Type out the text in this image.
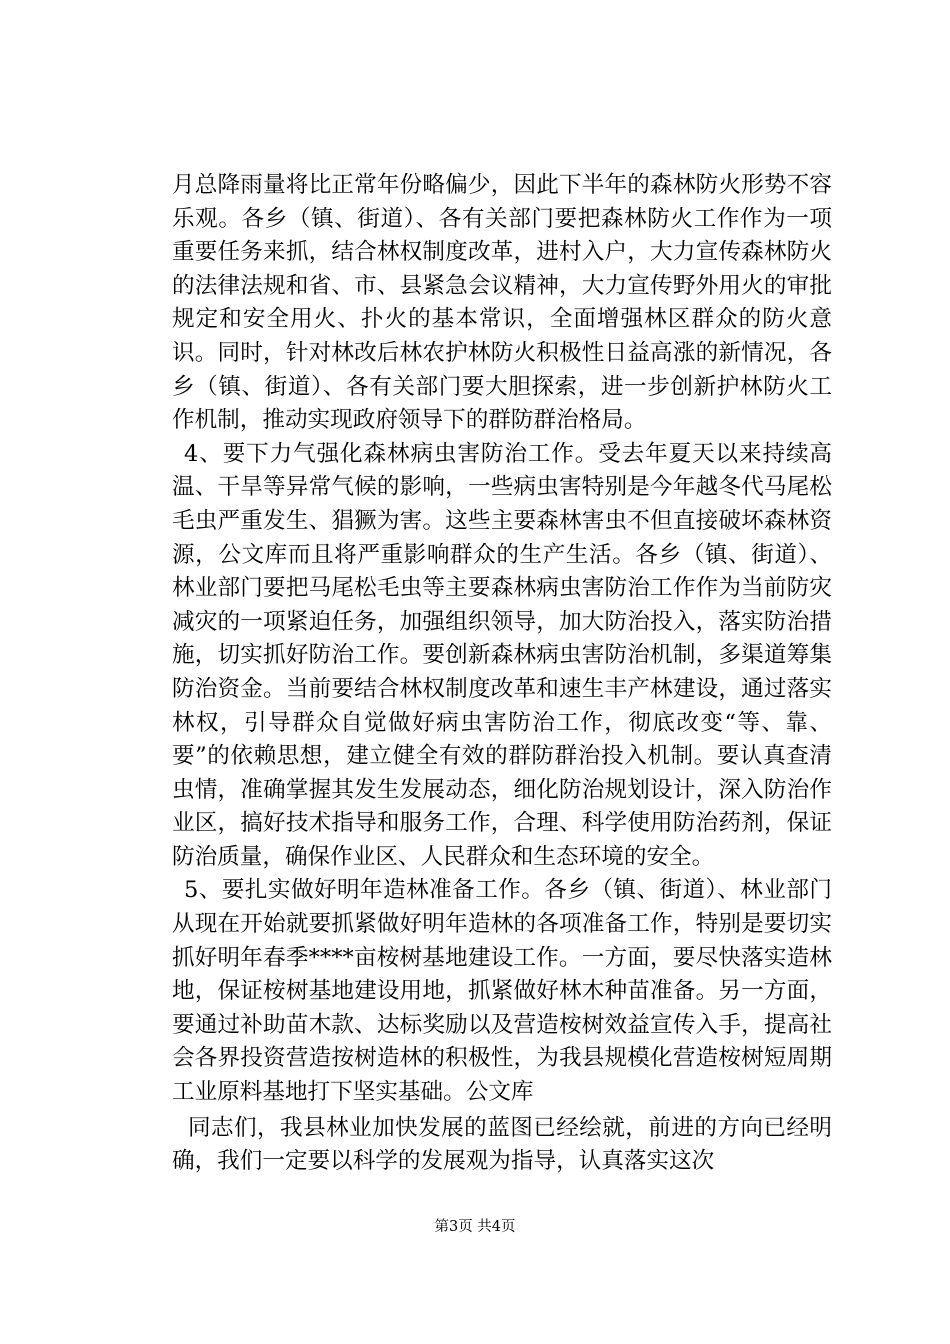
月总降雨量将比正常年份略偏少，因此下半年的森林防火形势不容乐观。各乡（镇、街道）、各有关部门要把森林防火工作作为一项重要任务来抓，结合林权制度改革，进村入户，大力宣传森林防火的法律法规和省、市、县紧急会议精神，大力宣传野外用火的审批规定和安全用火、扑火的基本常识，全面增强林区群众的防火意识。同时，针对林改后林农护林防火积极性日益高涨的新情况，各乡（镇、街道）、各有关部门要大胆探索，进一步创新护林防火工作机制，推动实现政府领导下的群防群治格局。

4、要下力气强化森林病虫害防治工作。受去年夏天以来持续高温、干旱等异常气候的影响，一些病虫害特别是今年越冬代马尾松毛虫严重发生、猖獗为害。这些主要森林害虫不但直接破坏森林资源，公文库而且将严重影响群众的生产生活。各乡（镇、街道）、林业部门要把马尾松毛虫等主要森林病虫害防治工作作为当前防灾减灾的一项紧迫任务，加强组织领导，加大防治投入，落实防治措施，切实抓好防治工作。要创新森林病虫害防治机制，多渠道筹集防治资金。当前要结合林权制度改革和速生丰产林建设，通过落实林权，引导群众自觉做好病虫害防治工作，彻底改变“等、靠、要”的依赖思想，建立健全有效的群防群治投入机制。要认真查清虫情，准确掌握其发生发展动态，细化防治规划设计，深入防治作业区，搞好技术指导和服务工作，合理、科学使用防治药剂，保证防治质量，确保作业区、人民群众和生态环境的安全。

5、要扎实做好明年造林准备工作。各乡（镇、街道）、林业部门从现在开始就要抓紧做好明年造林的各项准备工作，特别是要切实抓好明年春季****亩桉树基地建设工作。一方面，要尽快落实造林地，保证桉树基地建设用地，抓紧做好林木种苗准备。另一方面，要通过补助苗木款、达标奖励以及营造桉树效益宣传入手，提高社会各界投资营造按树造林的积极性，为我县规模化营造桉树短周期工业原料基地打下坚实基础。公文库

同志们，我县林业加快发展的蓝图已经绘就，前进的方向已经明确，我们一定要以科学的发展观为指导，认真落实这次

第3页 共4页
